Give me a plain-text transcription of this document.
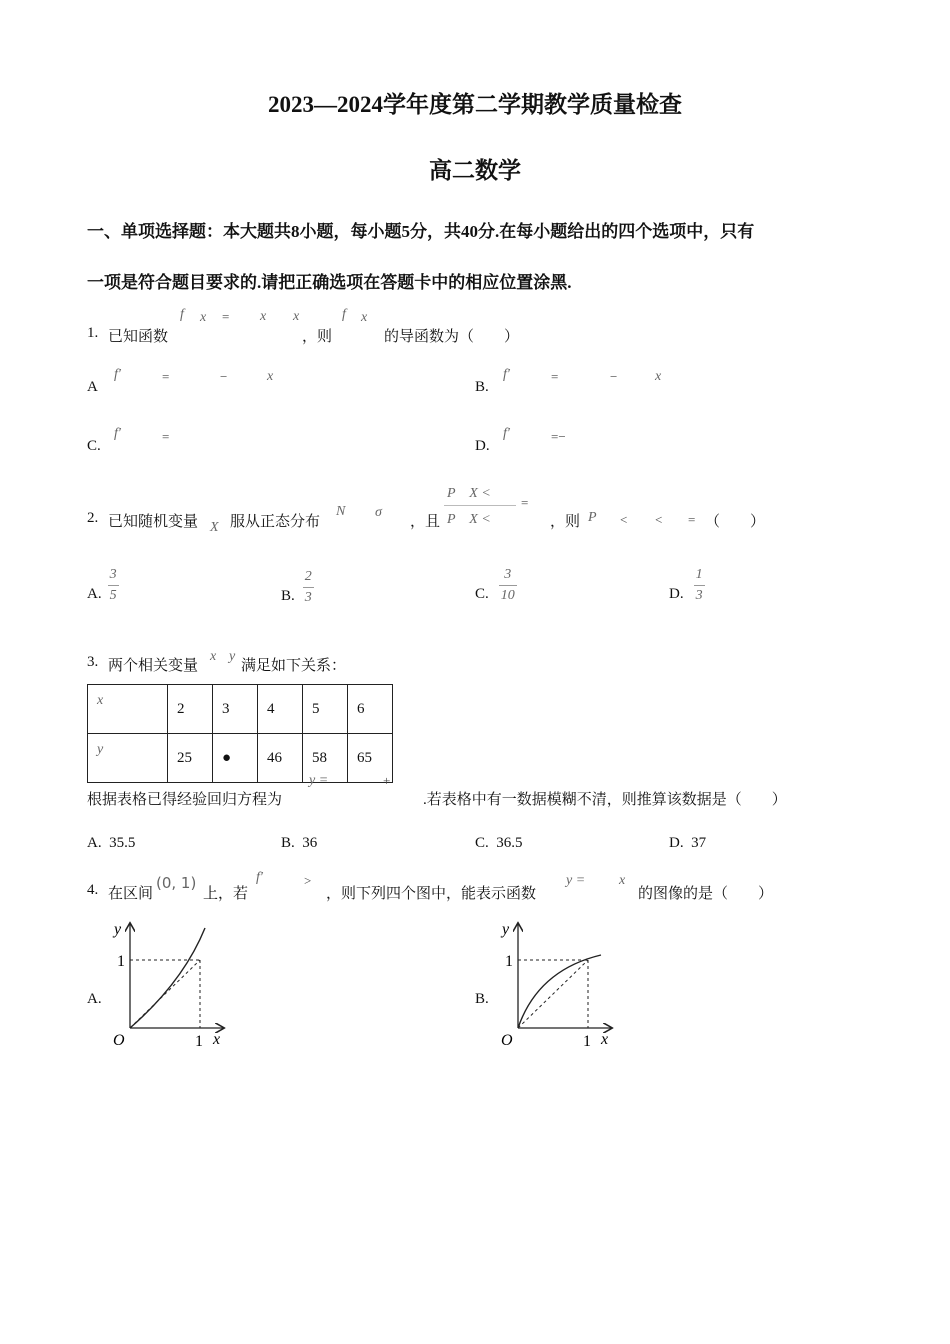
2023—2024学年度第二学期教学质量检查
高二数学
一、单项选择题：本大题共8小题，每小题5分，共40分.在每小题给出的四个选项中，只有
一项是符合题目要求的.请把正确选项在答题卡中的相应位置涂黑.
1. 已知函数
f x = x x
，则
f x
的导函数为（　　）
A
f′	=	−	x
B.
f′	=	−	x
C.
f′	=
D.
f′	=−
2. 已知随机变量 X 服从正态分布
N σ
，且
P　X <
P　X <
=
，则 P < < = （　　）
A. $\frac{3}{5}$	B. $\frac{2}{3}$	C. $\frac{3}{10}$	D. $\frac{1}{3}$
3. 两个相关变量
x y
满足如下关系：
x	2	3	4	5	6
y	25	●	46	58	65
根据表格已得经验回归方程为
y =	+
.若表格中有一数据模糊不清，则推算该数据是（　　）
A. 35.5	B. 36	C. 36.5	D. 37
4. 在区间
(0, 1)
上，若
f′	>
，则下列四个图中，能表示函数
y = x
的图像的是（　　）
A.
y
x
O	1
1
B.
y
x
O	1
1
